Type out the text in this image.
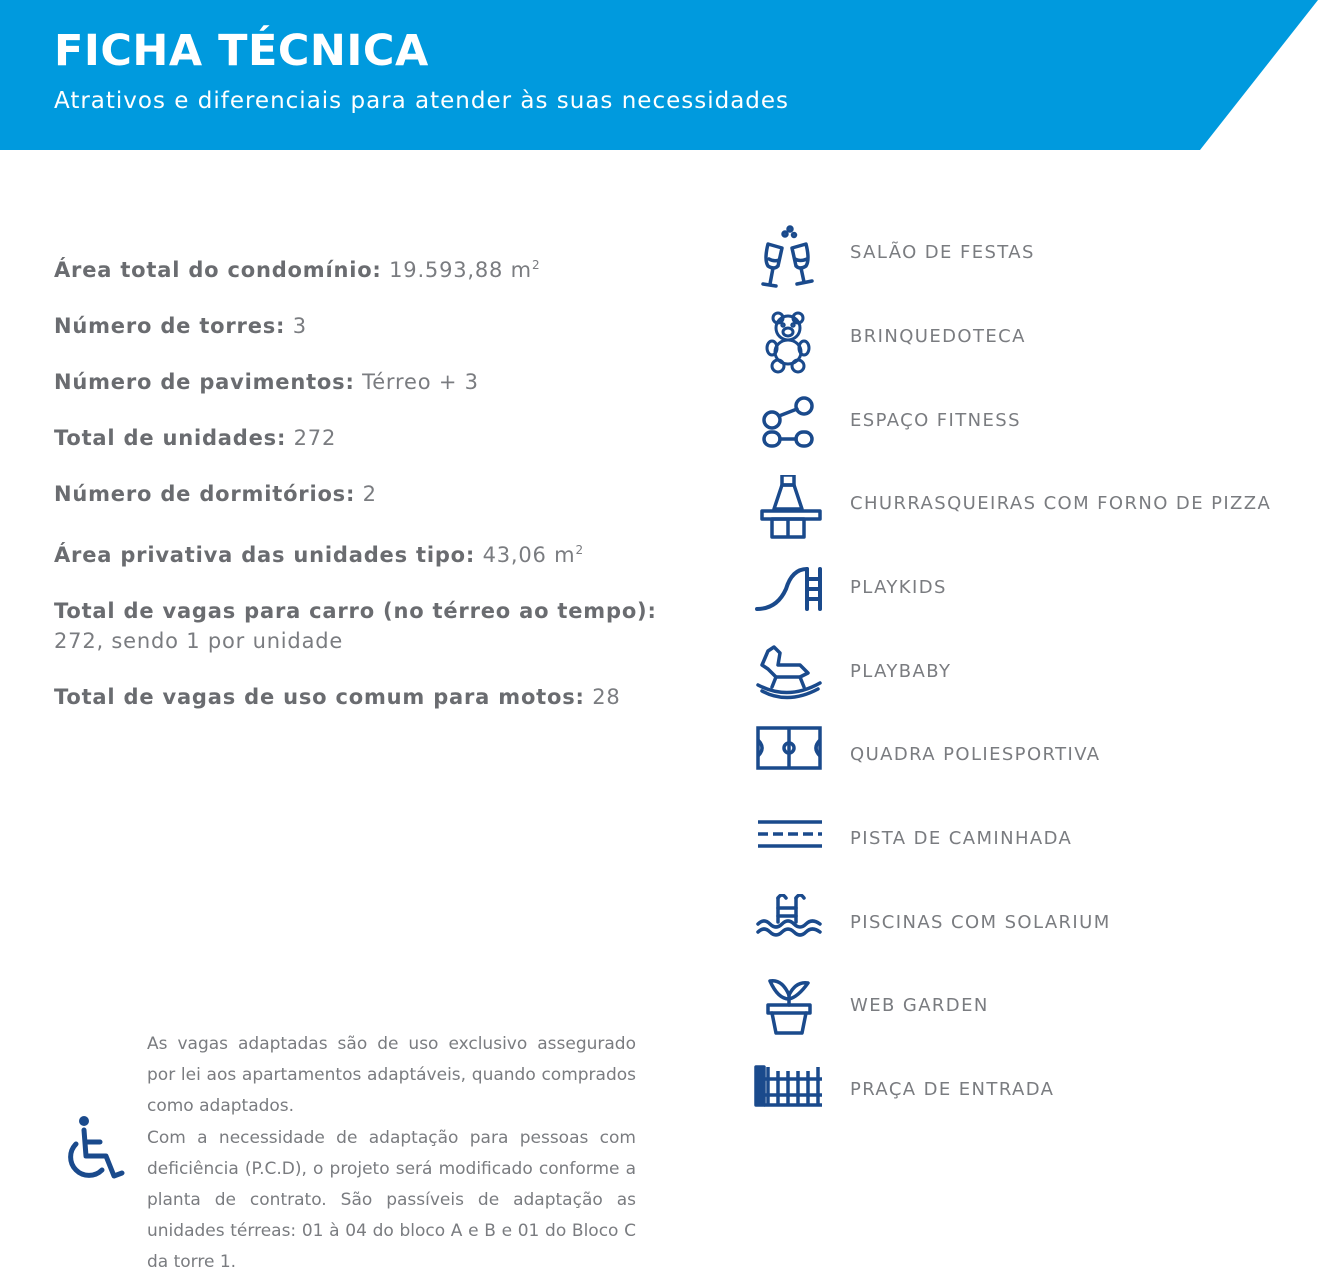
FICHA TÉCNICA

Atrativos e diferenciais para atender às suas necessidades

Área total do condomínio: 19.593,88 $m^2$
Número de torres: 3
Número de pavimentos: Térreo + 3
Total de unidades: 272
Número de dormitórios: 2
Área privativa das unidades tipo: 43,06 $m^2$
Total de vagas para carro (no térreo ao tempo): 272, sendo 1 por unidade
Total de vagas de uso comum para motos: 28
SALÃO DE FESTAS
BRINQUEDOTECA
ESPAÇO FITNESS
CHURRASQUEIRAS COM FORNO DE PIZZA
PLAYKIDS
PLAYBABY
QUADRA POLIESPORTIVA
PISTA DE CAMINHADA
PISCINAS COM SOLARIUM
WEB GARDEN
PRAÇA DE ENTRADA

As vagas adaptadas são de uso exclusivo assegurado por lei aos apartamentos adaptáveis, quando comprados como adaptados.

Com a necessidade de adaptação para pessoas com deficiência (P.C.D), o projeto será modificado conforme a planta de contrato. São passíveis de adaptação as unidades térreas: 01 à 04 do bloco A e B e 01 do Bloco C da torre 1.
